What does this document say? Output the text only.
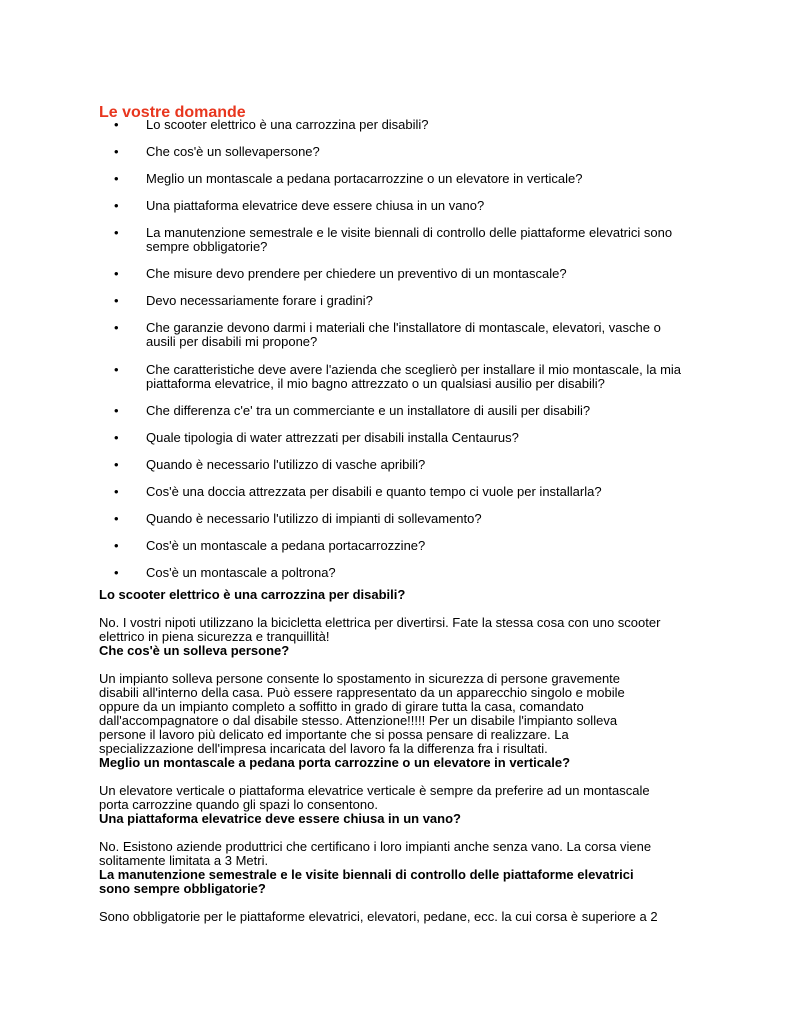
Le vostre domande
• Lo scooter elettrico è una carrozzina per disabili?
• Che cos'è un sollevapersone?
• Meglio un montascale a pedana portacarrozzine o un elevatore in verticale?
• Una piattaforma elevatrice deve essere chiusa in un vano?
• La manutenzione semestrale e le visite biennali di controllo delle piattaforme elevatrici sono sempre obbligatorie?
• Che misure devo prendere per chiedere un preventivo di un montascale?
• Devo necessariamente forare i gradini?
• Che garanzie devono darmi i materiali che l'installatore di montascale, elevatori, vasche o ausili per disabili mi propone?
• Che caratteristiche deve avere l'azienda che sceglierò per installare il mio montascale, la mia piattaforma elevatrice, il mio bagno attrezzato o un qualsiasi ausilio per disabili?
• Che differenza c'e' tra un commerciante e un installatore di ausili per disabili?
• Quale tipologia di water attrezzati per disabili installa Centaurus?
• Quando è necessario l'utilizzo di vasche apribili?
• Cos'è una doccia attrezzata per disabili e quanto tempo ci vuole per installarla?
• Quando è necessario l'utilizzo di impianti di sollevamento?
• Cos'è un montascale a pedana portacarrozzine?
• Cos'è un montascale a poltrona?

Lo scooter elettrico è una carrozzina per disabili?

No. I vostri nipoti utilizzano la bicicletta elettrica per divertirsi. Fate la stessa cosa con uno scooter
elettrico in piena sicurezza e tranquillità!

Che cos'è un solleva persone?

Un impianto solleva persone consente lo spostamento in sicurezza di persone gravemente
disabili all'interno della casa. Può essere rappresentato da un apparecchio singolo e mobile
oppure da un impianto completo a soffitto in grado di girare tutta la casa, comandato
dall'accompagnatore o dal disabile stesso. Attenzione!!!!! Per un disabile l'impianto solleva
persone il lavoro più delicato ed importante che si possa pensare di realizzare. La
specializzazione dell'impresa incaricata del lavoro fa la differenza fra i risultati.

Meglio un montascale a pedana porta carrozzine o un elevatore in verticale?

Un elevatore verticale o piattaforma elevatrice verticale è sempre da preferire ad un montascale
porta carrozzine quando gli spazi lo consentono.

Una piattaforma elevatrice deve essere chiusa in un vano?

No. Esistono aziende produttrici che certificano i loro impianti anche senza vano. La corsa viene
solitamente limitata a 3 Metri.

La manutenzione semestrale e le visite biennali di controllo delle piattaforme elevatrici
sono sempre obbligatorie?

Sono obbligatorie per le piattaforme elevatrici, elevatori, pedane, ecc. la cui corsa è superiore a 2
